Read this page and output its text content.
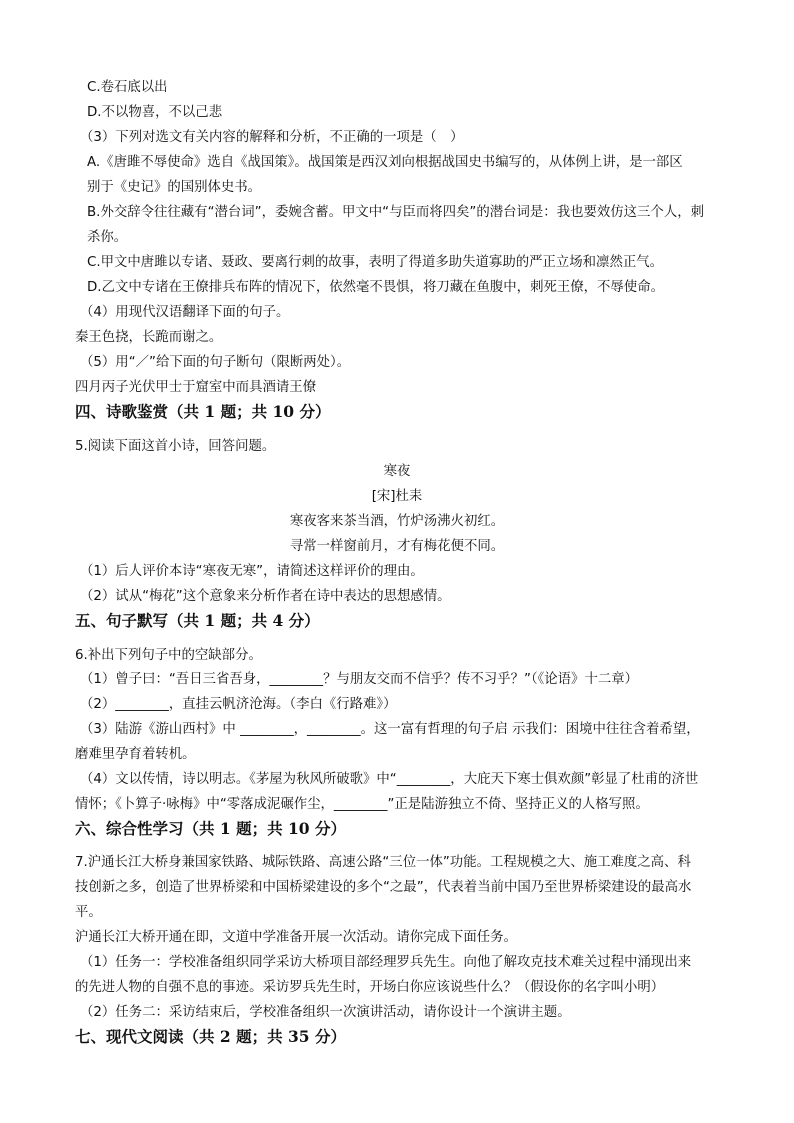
C.卷石底以出
D.不以物喜，不以己悲
（3）下列对选文有关内容的解释和分析，不正确的一项是（　）
A.《唐雎不辱使命》选自《战国策》。战国策是西汉刘向根据战国史书编写的，从体例上讲，是一部区
别于《史记》的国别体史书。
B.外交辞令往往藏有“潜台词”，委婉含蓄。甲文中“与臣而将四矣”的潜台词是：我也要效仿这三个人，刺
杀你。
C.甲文中唐雎以专诸、聂政、要离行刺的故事，表明了得道多助失道寡助的严正立场和凛然正气。
D.乙文中专诸在王僚排兵布阵的情况下，依然毫不畏惧，将刀藏在鱼腹中，刺死王僚，不辱使命。
（4）用现代汉语翻译下面的句子。
秦王色挠，长跪而谢之。
（5）用“／”给下面的句子断句（限断两处）。
四月丙子光伏甲士于窟室中而具酒请王僚
四、诗歌鉴赏（共 1 题；共 10 分）
5.阅读下面这首小诗，回答问题。
寒夜
[宋]杜耒
寒夜客来茶当酒，竹炉汤沸火初红。
寻常一样窗前月，才有梅花便不同。
（1）后人评价本诗“寒夜无寒”，请简述这样评价的理由。
（2）试从“梅花”这个意象来分析作者在诗中表达的思想感情。
五、句子默写（共 1 题；共 4 分）
6.补出下列句子中的空缺部分。
（1）曾子曰：“吾日三省吾身，________？与朋友交而不信乎？传不习乎？”（《论语》十二章）
（2）________，直挂云帆济沧海。（李白《行路难》）
（3）陆游《游山西村》中 ________，________。这一富有哲理的句子启 示我们：困境中往往含着希望，
磨难里孕育着转机。
（4）文以传情，诗以明志。《茅屋为秋风所破歌》中“________，大庇天下寒士俱欢颜”彰显了杜甫的济世
情怀；《卜算子·咏梅》中“零落成泥碾作尘，________”正是陆游独立不倚、坚持正义的人格写照。
六、综合性学习（共 1 题；共 10 分）
7.沪通长江大桥身兼国家铁路、城际铁路、高速公路“三位一体”功能。工程规模之大、施工难度之高、科
技创新之多，创造了世界桥梁和中国桥梁建设的多个“之最”，代表着当前中国乃至世界桥梁建设的最高水
平。
沪通长江大桥开通在即，文道中学准备开展一次活动。请你完成下面任务。
（1）任务一：学校准备组织同学采访大桥项目部经理罗兵先生。向他了解攻克技术难关过程中涌现出来
的先进人物的自强不息的事迹。采访罗兵先生时，开场白你应该说些什么？（假设你的名字叫小明）
（2）任务二：采访结束后，学校准备组织一次演讲活动，请你设计一个演讲主题。
七、现代文阅读（共 2 题；共 35 分）
